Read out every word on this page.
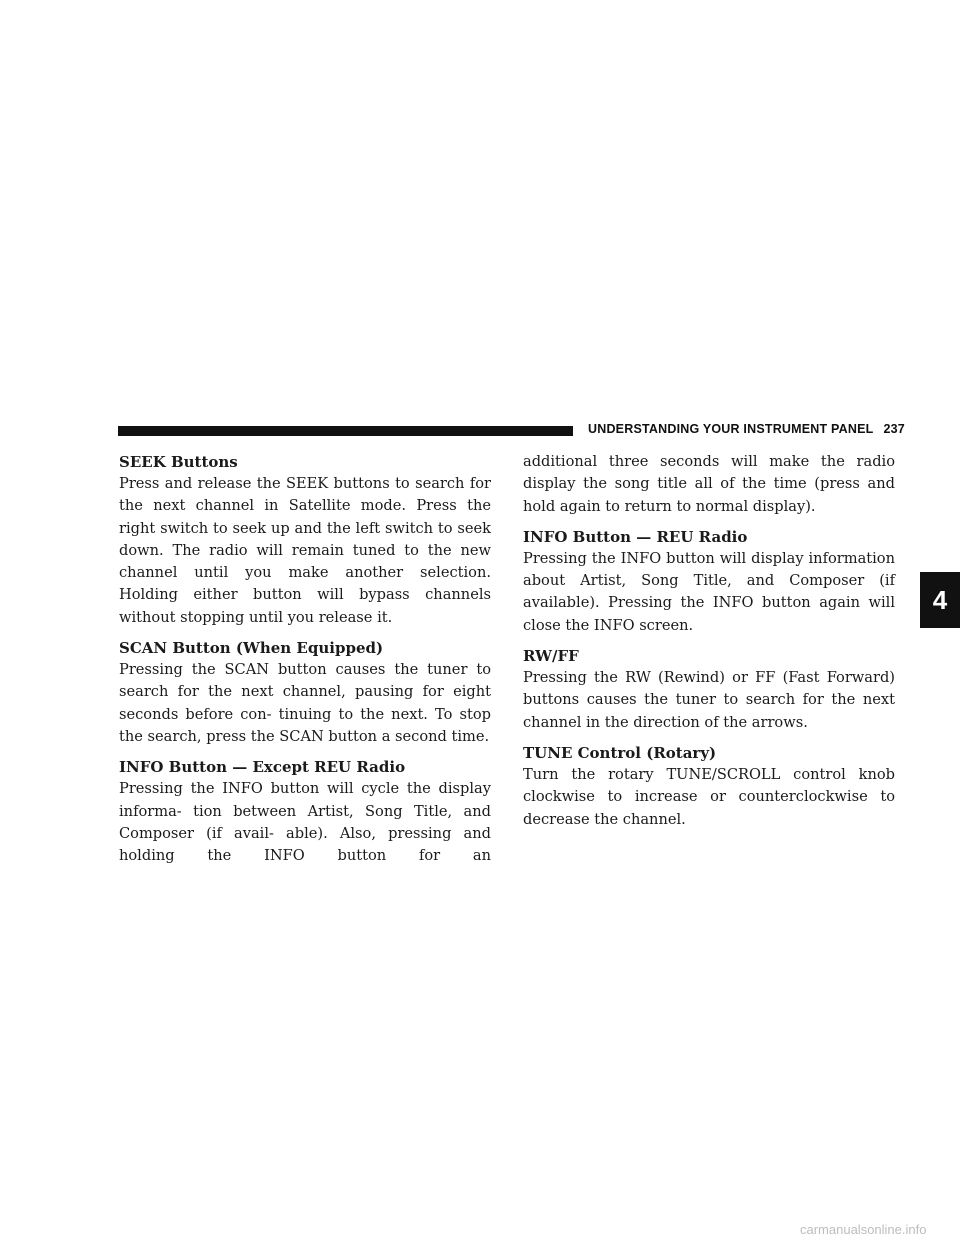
UNDERSTANDING YOUR INSTRUMENT PANEL 237
4
SEEK Buttons

Press and release the SEEK buttons to search for the next channel in Satellite mode. Press the right switch to seek up and the left switch to seek down. The radio will remain tuned to the new channel until you make another selection. Holding either button will bypass channels without stopping until you release it.

SCAN Button (When Equipped)

Pressing the SCAN button causes the tuner to search for the next channel, pausing for eight seconds before con- tinuing to the next. To stop the search, press the SCAN button a second time.

INFO Button — Except REU Radio

Pressing the INFO button will cycle the display informa- tion between Artist, Song Title, and Composer (if avail- able). Also, pressing and holding the INFO button for an

additional three seconds will make the radio display the song title all of the time (press and hold again to return to normal display).

INFO Button — REU Radio

Pressing the INFO button will display information about Artist, Song Title, and Composer (if available). Pressing the INFO button again will close the INFO screen.

RW/FF

Pressing the RW (Rewind) or FF (Fast Forward) buttons causes the tuner to search for the next channel in the direction of the arrows.

TUNE Control (Rotary)

Turn the rotary TUNE/SCROLL control knob clockwise to increase or counterclockwise to decrease the channel.

carmanualsonline.info
